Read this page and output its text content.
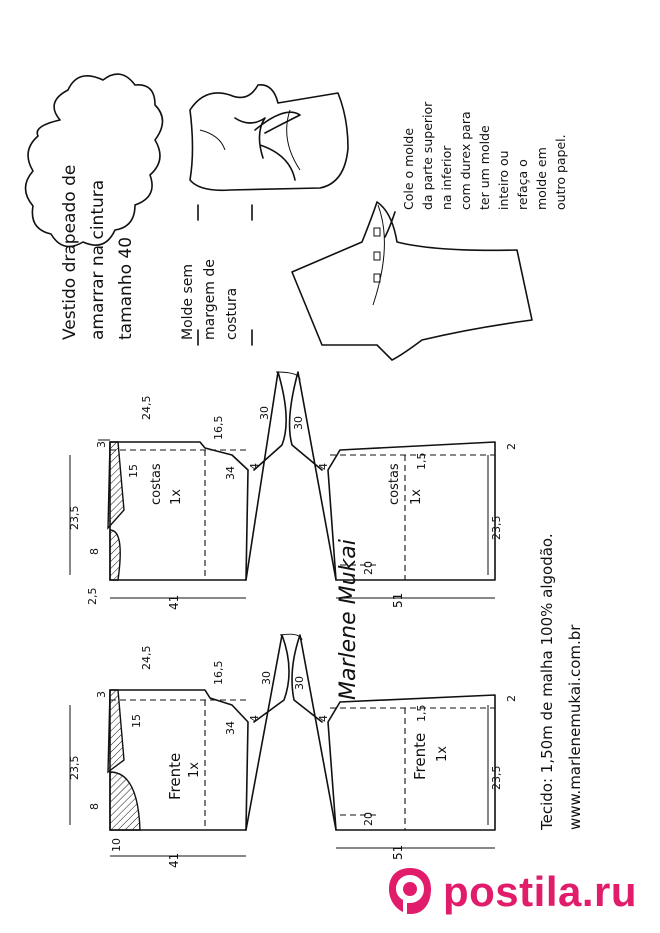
Vestido drapeado de amarrar na cintura tamanho 40	Molde sem margem de costura
Cole o molde da parte superior na inferior com durex para ter um molde inteiro ou refaça o molde em outro papel.
costas 1x
24,5
16,5
3
15
23,5
8
2,5	41
34 4
30
30
costas 1x
4	1,5
2
23,5
20
51
Frente 1x
24,5
16,5
3
15
23,5
8
10
41
34
4
30 30
Frente 1x
4	1,5
2
23,5
20
51
Marlene Mukai	Tecido: 1,50m de malha 100% algodão. www.marlenemukai.com.br
postila.ru
